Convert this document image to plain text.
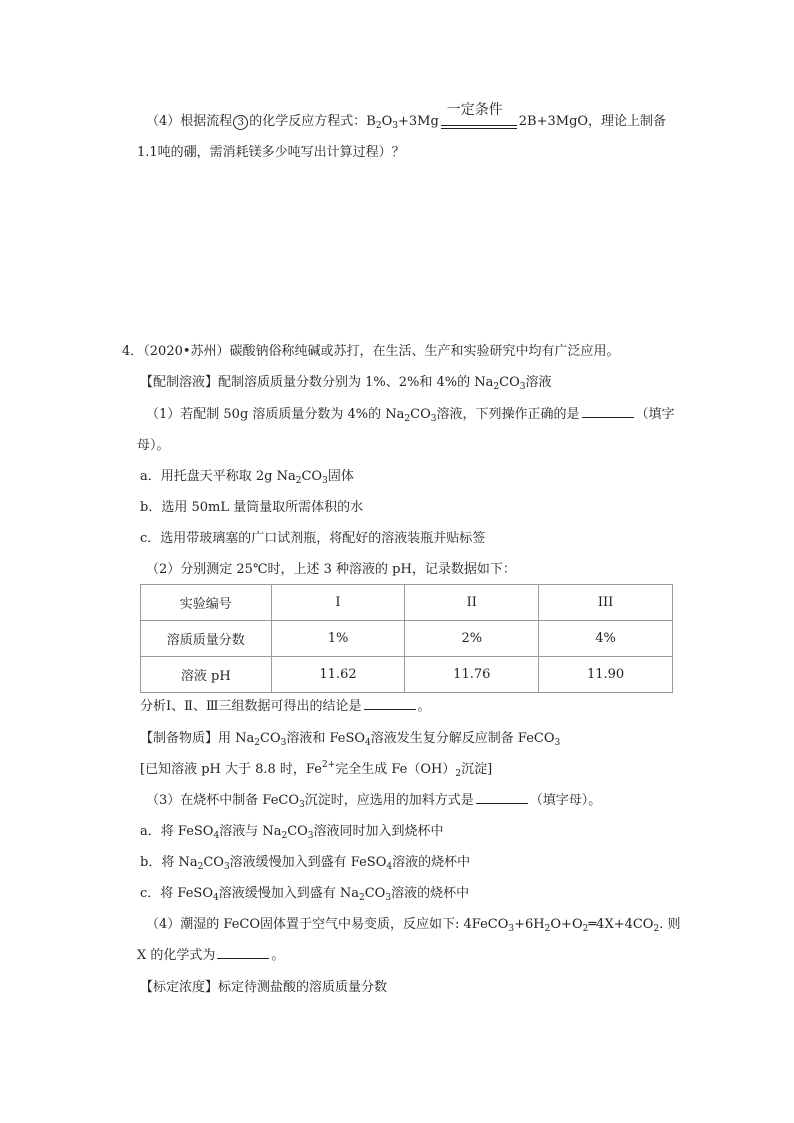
（4）根据流程 3 的化学反应方程式：$B_2O_3+3Mg$
一定条件
2B+3MgO，理论上制备
1.1吨的硼，需消耗镁多少吨写出计算过程）？
4．（2020•苏州）碳酸钠俗称纯碱或苏打，在生活、生产和实验研究中均有广泛应用。
【配制溶液】配制溶质质量分数分别为 1%、2%和 4%的 $Na_2CO_3$溶液
（1）若配制 50g 溶质质量分数为 4%的 $Na_2CO_3$溶液，下列操作正确的是	（填字
母）。
a．用托盘天平称取 2g $Na_2CO_3$固体
b．选用 50mL 量筒量取所需体积的水
c．选用带玻璃塞的广口试剂瓶，将配好的溶液装瓶并贴标签
（2）分别测定 25℃时，上述 3 种溶液的 pH，记录数据如下：
实验编号	I	II	III
溶质质量分数	1%	2%	4%
溶液 pH	11.62	11.76	11.90
分析Ⅰ、Ⅱ、Ⅲ三组数据可得出的结论是	。
【制备物质】用 $Na_2CO_3$溶液和 FeSO$_4$溶液发生复分解反应制备 FeCO$_3$
[已知溶液 pH 大于 8.8 时，$Fe^{2+}$完全生成 $Fe(OH)_2$沉淀]
（3）在烧杯中制备 FeCO$_3$沉淀时，应选用的加料方式是	（填字母）。
a．将 FeSO$_4$溶液与 $Na_2CO_3$溶液同时加入到烧杯中
b．将 $Na_2CO_3$溶液缓慢加入到盛有 FeSO$_4$溶液的烧杯中
c．将 FeSO$_4$溶液缓慢加入到盛有 $Na_2CO_3$溶液的烧杯中
（4）潮湿的 FeCO固体置于空气中易变质，反应如下: $4FeCO_3+6H_2O+O_2═4X+4CO_2$. 则
X 的化学式为	。
【标定浓度】标定待测盐酸的溶质质量分数
